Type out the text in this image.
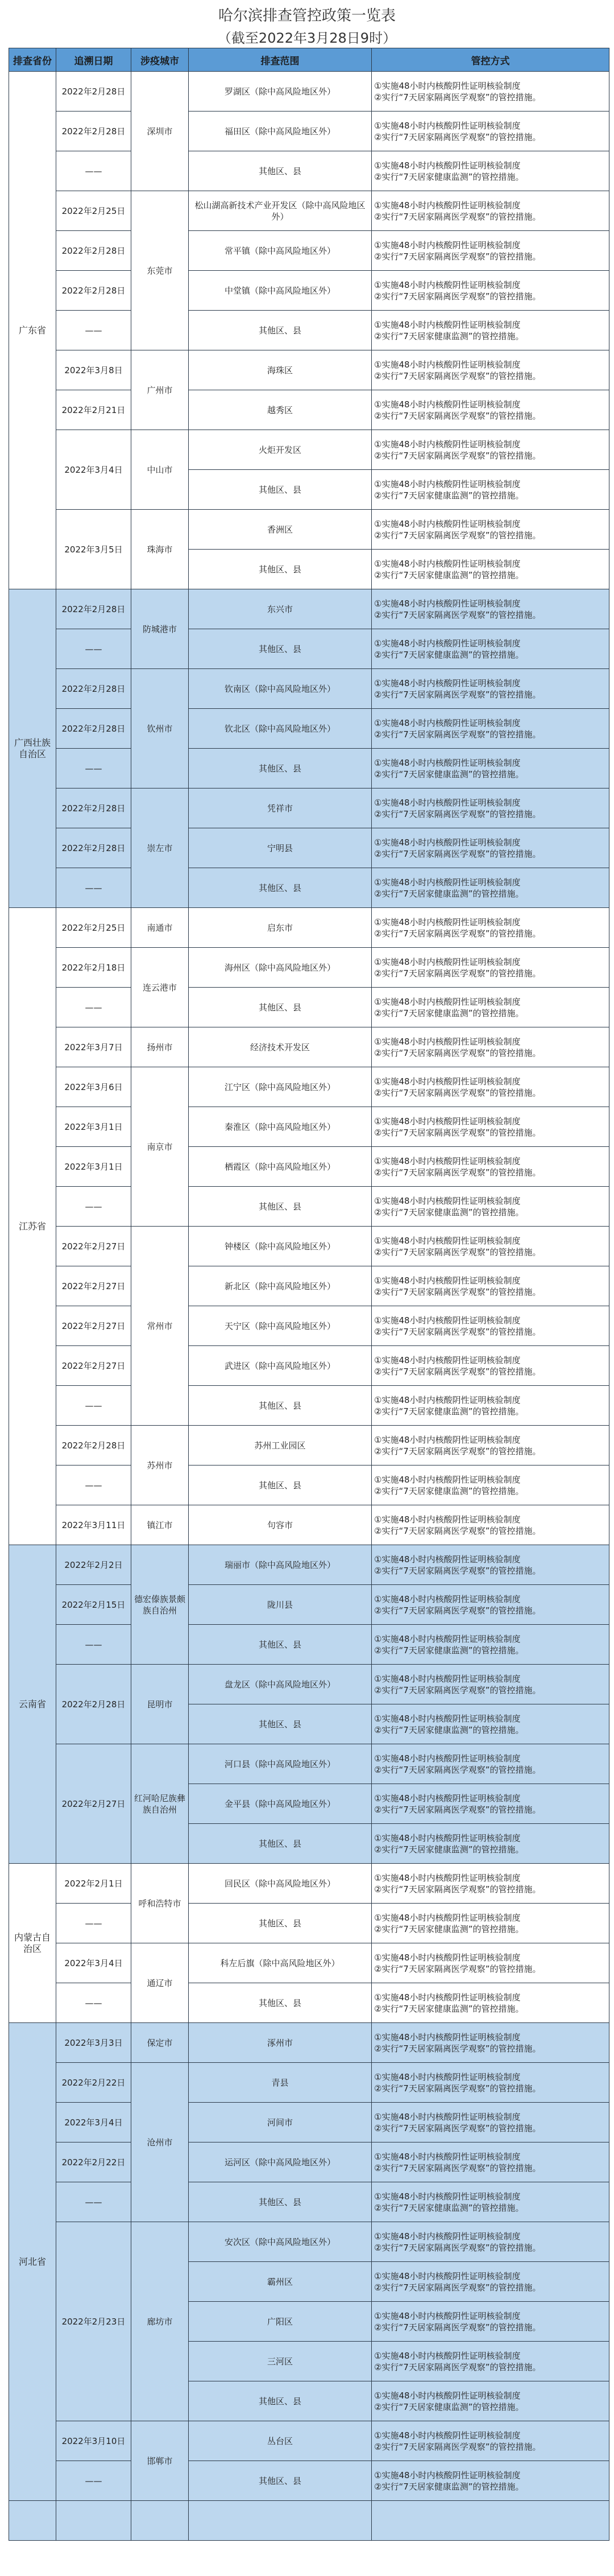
哈尔滨排查管控政策一览表
（截至2022年3月28日9时）
排查省份	追溯日期	涉疫城市	排查范围	管控方式
广东省	2022年2月28日	深圳市	罗湖区（除中高风险地区外）	①实施48小时内核酸阴性证明核验制度
②实行“7天居家隔离医学观察”的管控措施。

	2022年2月28日		福田区（除中高风险地区外）	①实施48小时内核酸阴性证明核验制度
②实行“7天居家隔离医学观察”的管控措施。

	——		其他区、县	①实施48小时内核酸阴性证明核验制度
②实行“7天居家健康监测”的管控措施。

	2022年2月25日	东莞市	松山湖高新技术产业开发区（除中高风险地区外）	①实施48小时内核酸阴性证明核验制度
②实行“7天居家隔离医学观察”的管控措施。

	2022年2月28日		常平镇（除中高风险地区外）	①实施48小时内核酸阴性证明核验制度
②实行“7天居家隔离医学观察”的管控措施。

	2022年2月28日		中堂镇（除中高风险地区外）	①实施48小时内核酸阴性证明核验制度
②实行“7天居家隔离医学观察”的管控措施。

	——		其他区、县	①实施48小时内核酸阴性证明核验制度
②实行“7天居家健康监测”的管控措施。

	2022年3月8日	广州市	海珠区	①实施48小时内核酸阴性证明核验制度
②实行“7天居家隔离医学观察”的管控措施。

	2022年2月21日		越秀区	①实施48小时内核酸阴性证明核验制度
②实行“7天居家隔离医学观察”的管控措施。

	2022年3月4日	中山市	火炬开发区	①实施48小时内核酸阴性证明核验制度
②实行“7天居家隔离医学观察”的管控措施。

			其他区、县	①实施48小时内核酸阴性证明核验制度
②实行“7天居家健康监测”的管控措施。

	2022年3月5日	珠海市	香洲区	①实施48小时内核酸阴性证明核验制度
②实行“7天居家隔离医学观察”的管控措施。

			其他区、县	①实施48小时内核酸阴性证明核验制度
②实行“7天居家健康监测”的管控措施。

广西壮族自治区	2022年2月28日	防城港市	东兴市	①实施48小时内核酸阴性证明核验制度
②实行“7天居家隔离医学观察”的管控措施。

	——		其他区、县	①实施48小时内核酸阴性证明核验制度
②实行“7天居家健康监测”的管控措施。

	2022年2月28日	钦州市	钦南区（除中高风险地区外）	①实施48小时内核酸阴性证明核验制度
②实行“7天居家隔离医学观察”的管控措施。

	2022年2月28日		钦北区（除中高风险地区外）	①实施48小时内核酸阴性证明核验制度
②实行“7天居家隔离医学观察”的管控措施。

	——		其他区、县	①实施48小时内核酸阴性证明核验制度
②实行“7天居家健康监测”的管控措施。

	2022年2月28日	崇左市	凭祥市	①实施48小时内核酸阴性证明核验制度
②实行“7天居家隔离医学观察”的管控措施。

	2022年2月28日		宁明县	①实施48小时内核酸阴性证明核验制度
②实行“7天居家隔离医学观察”的管控措施。

	——		其他区、县	①实施48小时内核酸阴性证明核验制度
②实行“7天居家健康监测”的管控措施。

江苏省	2022年2月25日	南通市	启东市	①实施48小时内核酸阴性证明核验制度
②实行“7天居家隔离医学观察”的管控措施。

	2022年2月18日	连云港市	海州区（除中高风险地区外）	①实施48小时内核酸阴性证明核验制度
②实行“7天居家隔离医学观察”的管控措施。

	——		其他区、县	①实施48小时内核酸阴性证明核验制度
②实行“7天居家健康监测”的管控措施。

	2022年3月7日	扬州市	经济技术开发区	①实施48小时内核酸阴性证明核验制度
②实行“7天居家隔离医学观察”的管控措施。

	2022年3月6日	南京市	江宁区（除中高风险地区外）	①实施48小时内核酸阴性证明核验制度
②实行“7天居家隔离医学观察”的管控措施。

	2022年3月1日		秦淮区（除中高风险地区外）	①实施48小时内核酸阴性证明核验制度
②实行“7天居家隔离医学观察”的管控措施。

	2022年3月1日		栖霞区（除中高风险地区外）	①实施48小时内核酸阴性证明核验制度
②实行“7天居家隔离医学观察”的管控措施。

	——		其他区、县	①实施48小时内核酸阴性证明核验制度
②实行“7天居家健康监测”的管控措施。

	2022年2月27日	常州市	钟楼区（除中高风险地区外）	①实施48小时内核酸阴性证明核验制度
②实行“7天居家隔离医学观察”的管控措施。

	2022年2月27日		新北区（除中高风险地区外）	①实施48小时内核酸阴性证明核验制度
②实行“7天居家隔离医学观察”的管控措施。

	2022年2月27日		天宁区（除中高风险地区外）	①实施48小时内核酸阴性证明核验制度
②实行“7天居家隔离医学观察”的管控措施。

	2022年2月27日		武进区（除中高风险地区外）	①实施48小时内核酸阴性证明核验制度
②实行“7天居家隔离医学观察”的管控措施。

	——		其他区、县	①实施48小时内核酸阴性证明核验制度
②实行“7天居家健康监测”的管控措施。

	2022年2月28日	苏州市	苏州工业园区	①实施48小时内核酸阴性证明核验制度
②实行“7天居家隔离医学观察”的管控措施。

	——		其他区、县	①实施48小时内核酸阴性证明核验制度
②实行“7天居家健康监测”的管控措施。

	2022年3月11日	镇江市	句容市	①实施48小时内核酸阴性证明核验制度
②实行“7天居家隔离医学观察”的管控措施。

云南省	2022年2月2日	德宏傣族景颇族自治州	瑞丽市（除中高风险地区外）	①实施48小时内核酸阴性证明核验制度
②实行“7天居家隔离医学观察”的管控措施。

	2022年2月15日		陇川县	①实施48小时内核酸阴性证明核验制度
②实行“7天居家隔离医学观察”的管控措施。

	——		其他区、县	①实施48小时内核酸阴性证明核验制度
②实行“7天居家健康监测”的管控措施。

	2022年2月28日	昆明市	盘龙区（除中高风险地区外）	①实施48小时内核酸阴性证明核验制度
②实行“7天居家隔离医学观察”的管控措施。

			其他区、县	①实施48小时内核酸阴性证明核验制度
②实行“7天居家健康监测”的管控措施。

	2022年2月27日	红河哈尼族彝族自治州	河口县（除中高风险地区外）	①实施48小时内核酸阴性证明核验制度
②实行“7天居家隔离医学观察”的管控措施。

			金平县（除中高风险地区外）	①实施48小时内核酸阴性证明核验制度
②实行“7天居家隔离医学观察”的管控措施。

			其他区、县	①实施48小时内核酸阴性证明核验制度
②实行“7天居家健康监测”的管控措施。

内蒙古自治区	2022年2月1日	呼和浩特市	回民区（除中高风险地区外）	①实施48小时内核酸阴性证明核验制度
②实行“7天居家隔离医学观察”的管控措施。

	——		其他区、县	①实施48小时内核酸阴性证明核验制度
②实行“7天居家健康监测”的管控措施。

	2022年3月4日	通辽市	科左后旗（除中高风险地区外）	①实施48小时内核酸阴性证明核验制度
②实行“7天居家隔离医学观察”的管控措施。

	——		其他区、县	①实施48小时内核酸阴性证明核验制度
②实行“7天居家健康监测”的管控措施。

河北省	2022年3月3日	保定市	涿州市	①实施48小时内核酸阴性证明核验制度
②实行“7天居家隔离医学观察”的管控措施。

	2022年2月22日	沧州市	青县	①实施48小时内核酸阴性证明核验制度
②实行“7天居家隔离医学观察”的管控措施。

	2022年3月4日		河间市	①实施48小时内核酸阴性证明核验制度
②实行“7天居家隔离医学观察”的管控措施。

	2022年2月22日		运河区（除中高风险地区外）	①实施48小时内核酸阴性证明核验制度
②实行“7天居家隔离医学观察”的管控措施。

	——		其他区、县	①实施48小时内核酸阴性证明核验制度
②实行“7天居家健康监测”的管控措施。

	2022年2月23日	廊坊市	安次区（除中高风险地区外）	①实施48小时内核酸阴性证明核验制度
②实行“7天居家隔离医学观察”的管控措施。

			霸州区	①实施48小时内核酸阴性证明核验制度
②实行“7天居家隔离医学观察”的管控措施。

			广阳区	①实施48小时内核酸阴性证明核验制度
②实行“7天居家隔离医学观察”的管控措施。

			三河区	①实施48小时内核酸阴性证明核验制度
②实行“7天居家隔离医学观察”的管控措施。

			其他区、县	①实施48小时内核酸阴性证明核验制度
②实行“7天居家健康监测”的管控措施。

	2022年3月10日	邯郸市	丛台区	①实施48小时内核酸阴性证明核验制度
②实行“7天居家隔离医学观察”的管控措施。

	——		其他区、县	①实施48小时内核酸阴性证明核验制度
②实行“7天居家健康监测”的管控措施。
